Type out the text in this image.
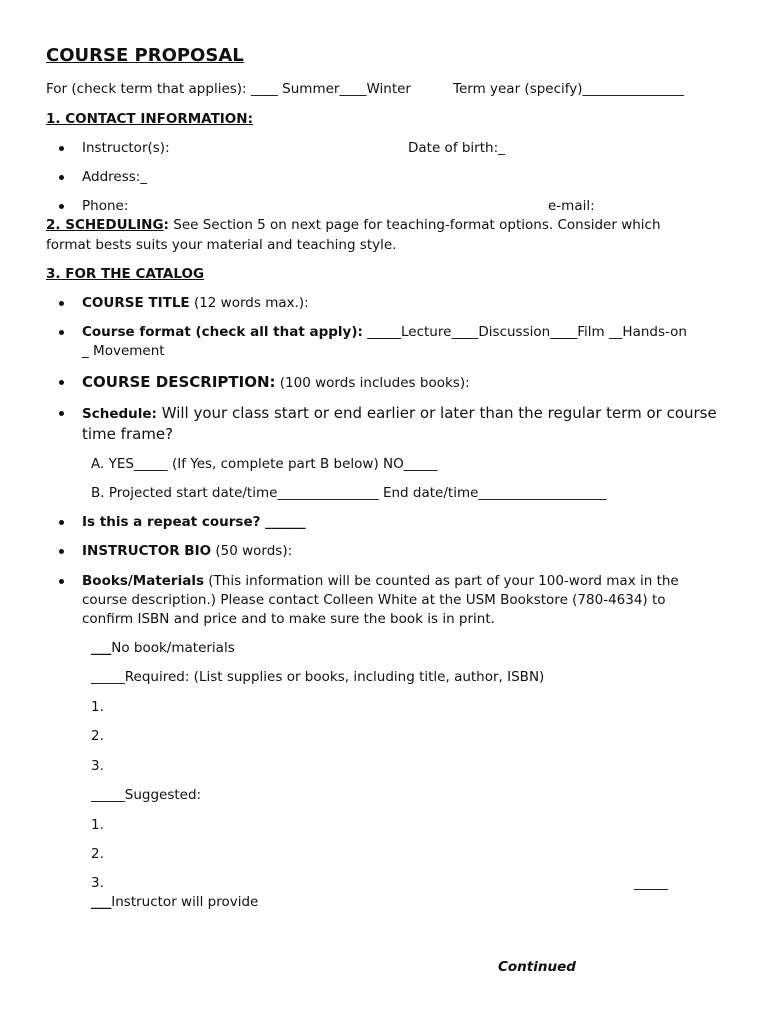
COURSE PROPOSAL
For (check term that applies): ____ Summer____Winter	Term year (specify)_______________
1. CONTACT INFORMATION:
Instructor(s):	Date of birth:_
Address:_
Phone:	e-mail:
2. SCHEDULING: See Section 5 on next page for teaching-format options. Consider which
format bests suits your material and teaching style.
3. FOR THE CATALOG
COURSE TITLE (12 words max.):
Course format (check all that apply): _____Lecture____Discussion____Film __Hands-on
_ Movement
COURSE DESCRIPTION: (100 words includes books):
Schedule: Will your class start or end earlier or later than the regular term or course
time frame?
A. YES_____ (If Yes, complete part B below) NO_____
B. Projected start date/time_______________ End date/time___________________
Is this a repeat course? ______
INSTRUCTOR BIO (50 words):
Books/Materials (This information will be counted as part of your 100-word max in the
course description.) Please contact Colleen White at the USM Bookstore (780-4634) to
confirm ISBN and price and to make sure the book is in print.
___No book/materials
_____Required: (List supplies or books, including title, author, ISBN)
1.
2.
3.
_____Suggested:
1.
2.
3.	_____
___Instructor will provide
Continued
